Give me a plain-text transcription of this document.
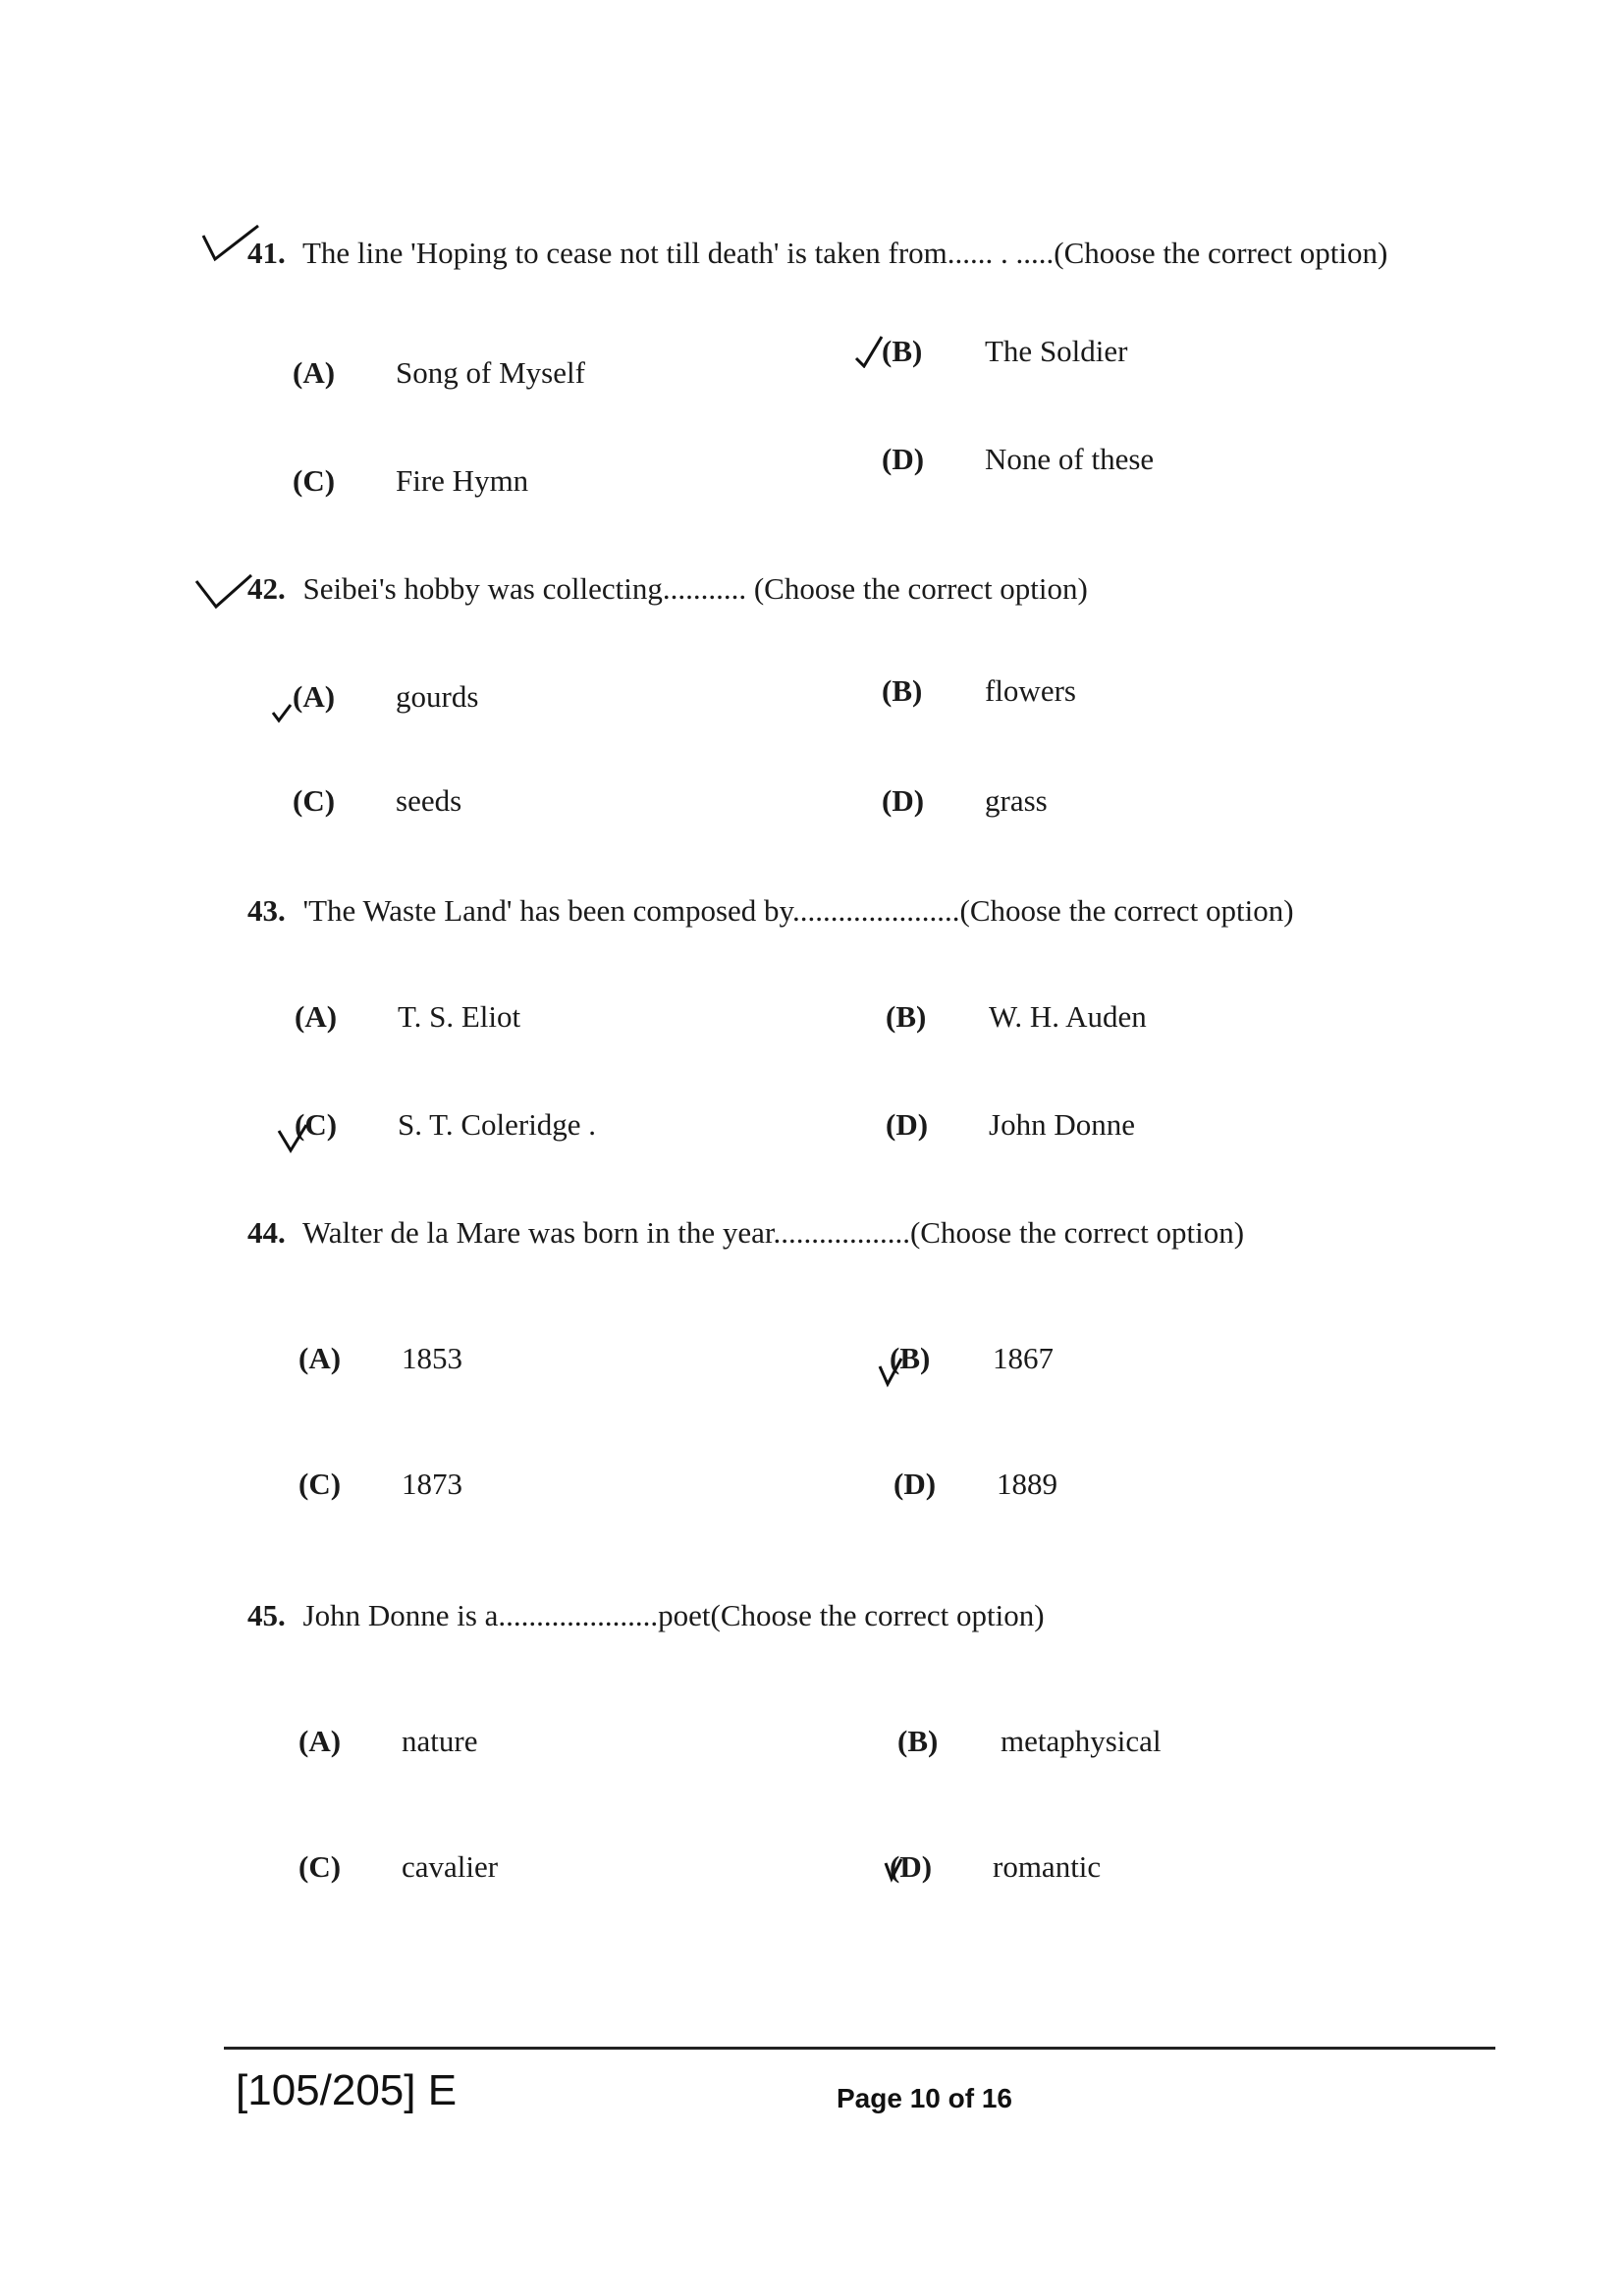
41. The line 'Hoping to cease not till death' is taken from...... . .....(Choose the correct option)
(A) Song of Myself
(B) The Soldier
(C) Fire Hymn
(D) None of these
42. Seibei's hobby was collecting........... (Choose the correct option)
(A) gourds	(B) flowers
(C) seeds	(D) grass
43. 'The Waste Land' has been composed by......................(Choose the correct option)
(A) T. S. Eliot	(B) W. H. Auden
(C) S. T. Coleridge .	(D) John Donne
44. Walter de la Mare was born in the year..................(Choose the correct option)
(A) 1853	(B) 1867
(C) 1873	(D) 1889
45. John Donne is a.....................poet(Choose the correct option)
(A) nature	(B) metaphysical
(C) cavalier	(D) romantic
[105/205] E	Page 10 of 16
